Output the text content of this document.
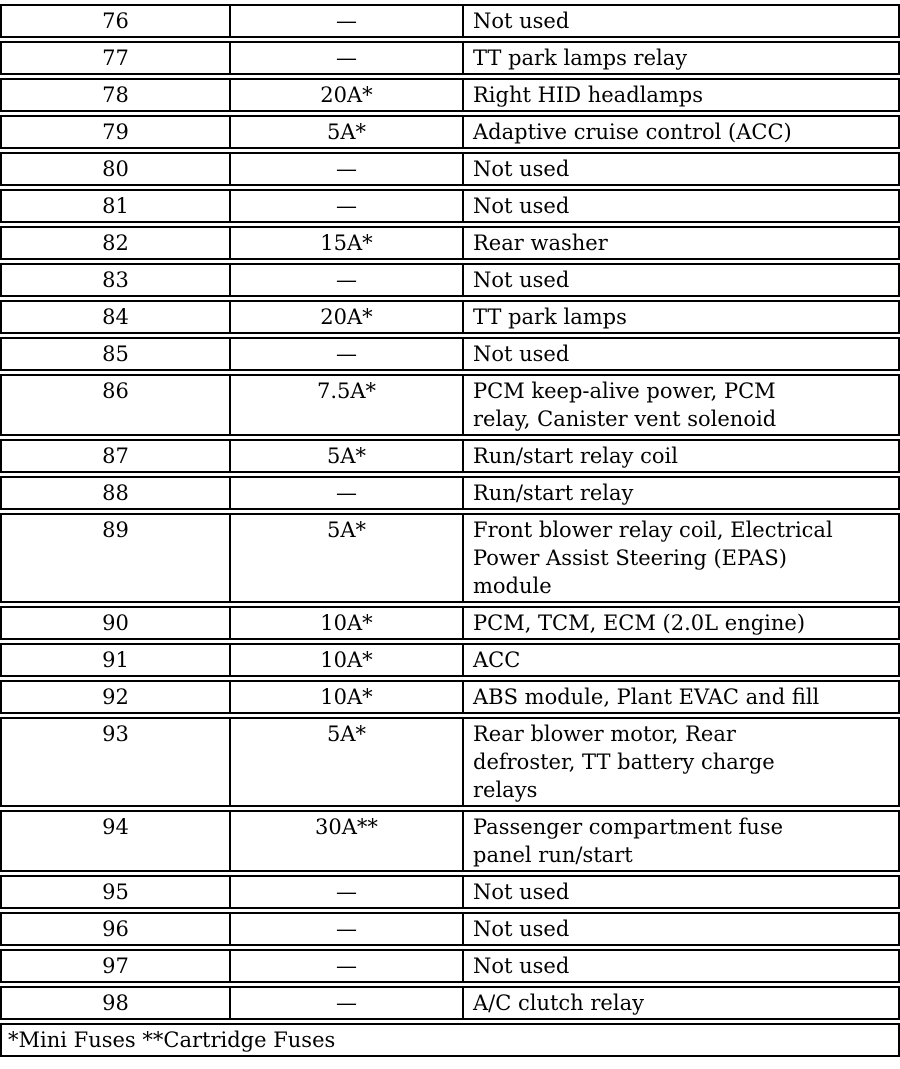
76	—	Not used
77	—	TT park lamps relay
78	20A*	Right HID headlamps
79	5A*	Adaptive cruise control (ACC)
80	—	Not used
81	—	Not used
82	15A*	Rear washer
83	—	Not used
84	20A*	TT park lamps
85	—	Not used
86	7.5A*	PCM keep-alive power, PCM
relay, Canister vent solenoid
87	5A*	Run/start relay coil
88	—	Run/start relay
89	5A*	Front blower relay coil, Electrical
Power Assist Steering (EPAS)
module
90	10A*	PCM, TCM, ECM (2.0L engine)
91	10A*	ACC
92	10A*	ABS module, Plant EVAC and fill
93	5A*	Rear blower motor, Rear
defroster, TT battery charge
relays
94	30A**	Passenger compartment fuse
panel run/start
95	—	Not used
96	—	Not used
97	—	Not used
98	—	A/C clutch relay
*Mini Fuses **Cartridge Fuses
